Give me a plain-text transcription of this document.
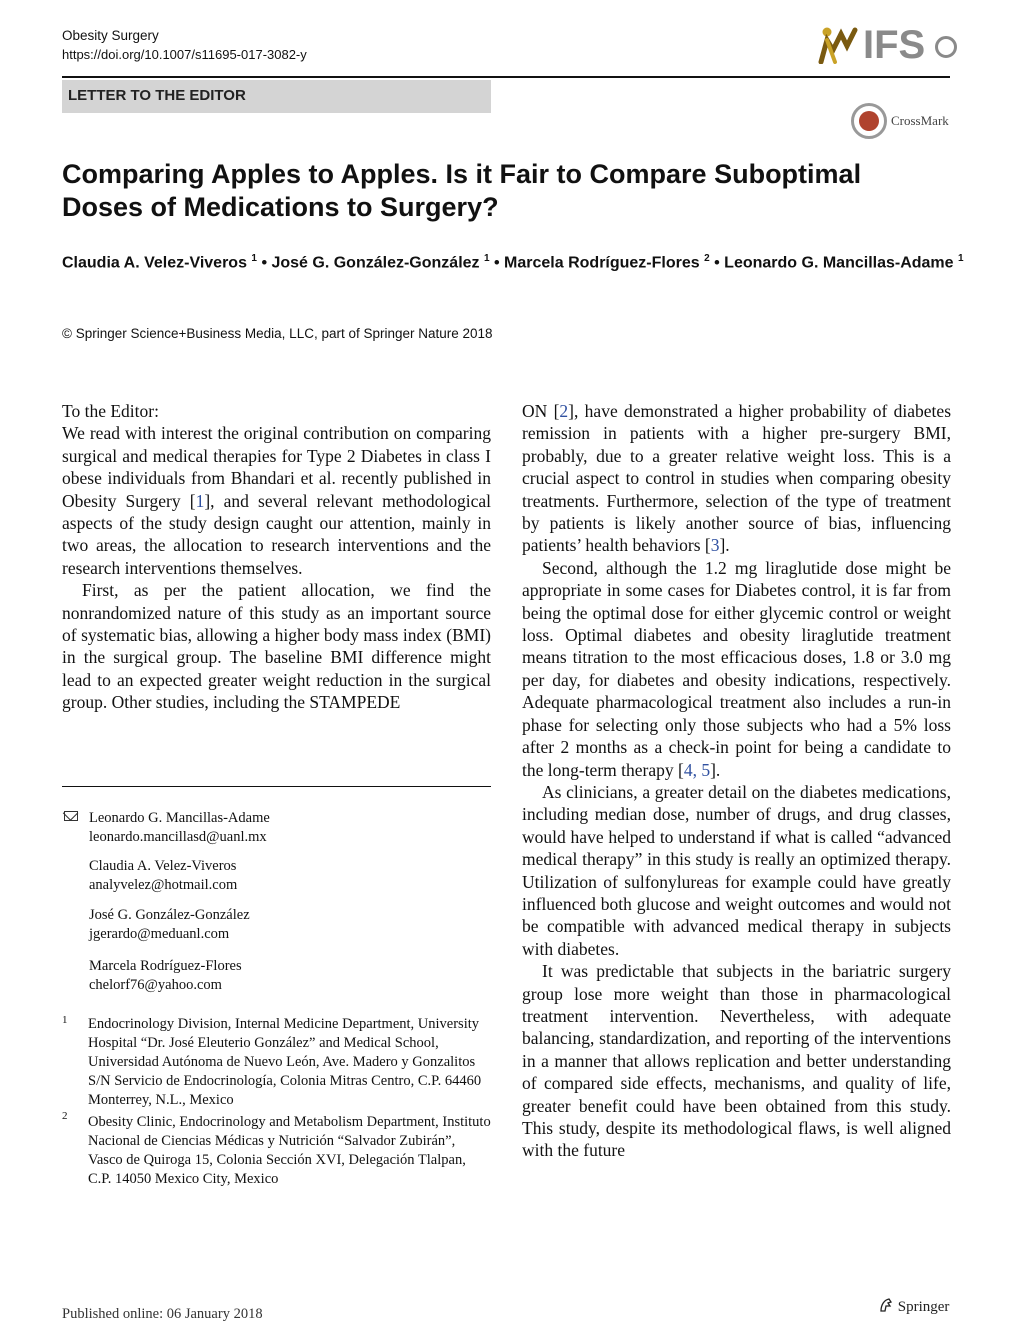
Obesity Surgery
https://doi.org/10.1007/s11695-017-3082-y	IFS
LETTER TO THE EDITOR
CrossMark
Comparing Apples to Apples. Is it Fair to Compare Suboptimal Doses of Medications to Surgery?
Claudia A. Velez-Viveros $^1$ • José G. González-González $^1$ • Marcela Rodríguez-Flores $^2$ • Leonardo G. Mancillas-Adame $^1$
© Springer Science+Business Media, LLC, part of Springer Nature 2018

To the Editor:

We read with interest the original contribution on comparing surgical and medical therapies for Type 2 Diabetes in class I obese individuals from Bhandari et al. recently published in Obesity Surgery [1], and several relevant methodological aspects of the study design caught our attention, mainly in two areas, the allocation to research interventions and the research interventions themselves.

First, as per the patient allocation, we find the nonrandomized nature of this study as an important source of systematic bias, allowing a higher body mass index (BMI) in the surgical group. The baseline BMI difference might lead to an expected greater weight reduction in the surgical group. Other studies, including the STAMPEDE

ON [2], have demonstrated a higher probability of diabetes remission in patients with a higher pre-surgery BMI, probably, due to a greater relative weight loss. This is a crucial aspect to control in studies when comparing obesity treatments. Furthermore, selection of the type of treatment by patients is likely another source of bias, influencing patients’ health behaviors [3].

Second, although the 1.2 mg liraglutide dose might be appropriate in some cases for Diabetes control, it is far from being the optimal dose for either glycemic control or weight loss. Optimal diabetes and obesity liraglutide treatment means titration to the most efficacious doses, 1.8 or 3.0 mg per day, for diabetes and obesity indications, respectively. Adequate pharmacological treatment also includes a run-in phase for selecting only those subjects who had a 5% loss after 2 months as a check-in point for being a candidate to the long-term therapy [4, 5].

As clinicians, a greater detail on the diabetes medications, including median dose, number of drugs, and drug classes, would have helped to understand if what is called “advanced medical therapy” in this study is really an optimized therapy. Utilization of sulfonylureas for example could have greatly influenced both glucose and weight outcomes and would not be compatible with advanced medical therapy in subjects with diabetes.

It was predictable that subjects in the bariatric surgery group lose more weight than those in pharmacological treatment intervention. Nevertheless, with adequate balancing, standardization, and reporting of the interventions in a manner that allows replication and better understanding of compared side effects, mechanisms, and quality of life, greater benefit could have been obtained from this study. This study, despite its methodological flaws, is well aligned with the future

Leonardo G. Mancillas-Adame
leonardo.mancillasd@uanl.mx
Claudia A. Velez-Viveros
analyvelez@hotmail.com
José G. González-González
jgerardo@meduanl.com
Marcela Rodríguez-Flores
chelorf76@yahoo.com
1 Endocrinology Division, Internal Medicine Department, University Hospital “Dr. José Eleuterio González” and Medical School, Universidad Autónoma de Nuevo León, Ave. Madero y Gonzalitos S/N Servicio de Endocrinología, Colonia Mitras Centro, C.P. 64460 Monterrey, N.L., Mexico
2 Obesity Clinic, Endocrinology and Metabolism Department, Instituto Nacional de Ciencias Médicas y Nutrición “Salvador Zubirán”, Vasco de Quiroga 15, Colonia Sección XVI, Delegación Tlalpan, C.P. 14050 Mexico City, Mexico
Published online: 06 January 2018	Springer
